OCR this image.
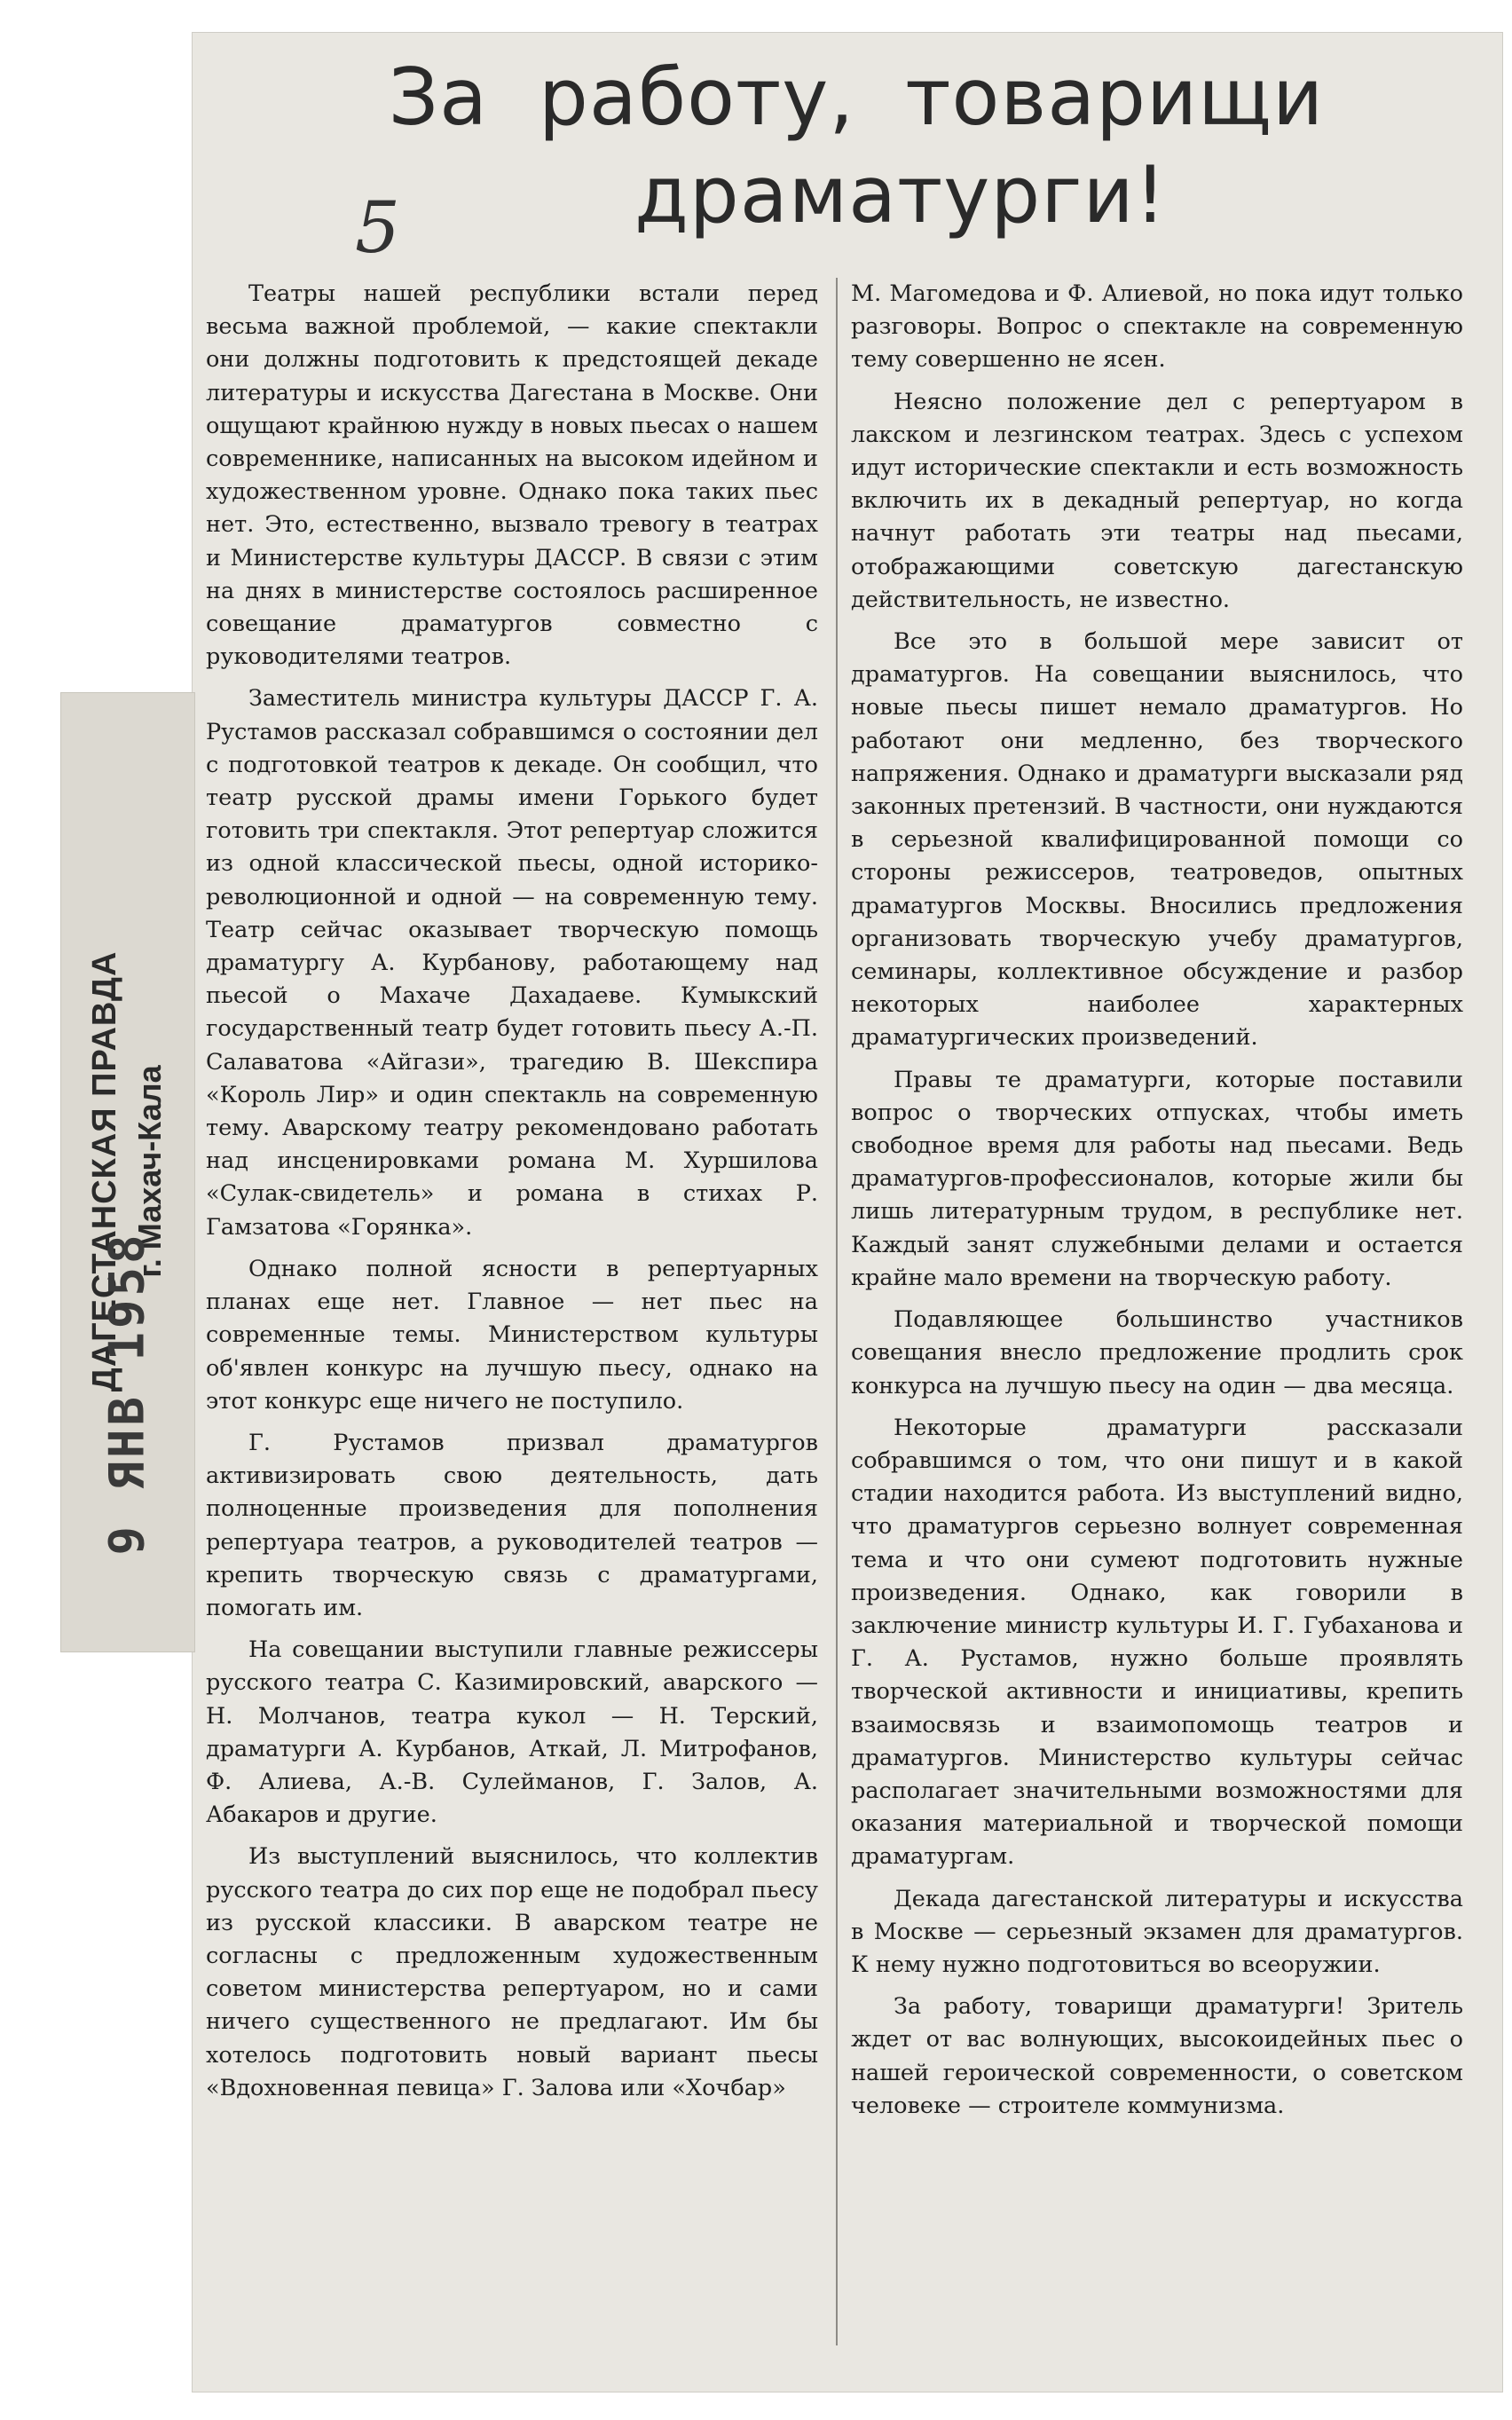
ДАГЕСТАНСКАЯ ПРАВДА г. Махач-Кала
9 ЯНВ 1958
За работу, товарищи
драматурги!
5

Театры нашей республики встали перед весьма важной проблемой, — какие спектакли они должны подготовить к предстоящей декаде литературы и искусства Дагестана в Москве. Они ощущают крайнюю нужду в новых пьесах о нашем современнике, написанных на высоком идейном и художественном уровне. Однако пока таких пьес нет. Это, естественно, вызвало тревогу в театрах и Министерстве культуры ДАССР. В связи с этим на днях в министерстве состоялось расширенное совещание драматургов совместно с руководителями театров.

Заместитель министра культуры ДАССР Г. А. Рустамов рассказал собравшимся о состоянии дел с подготовкой театров к декаде. Он сообщил, что театр русской драмы имени Горького будет готовить три спектакля. Этот репертуар сложится из одной классической пьесы, одной историко-революционной и одной — на современную тему. Театр сейчас оказывает творческую помощь драматургу А. Курбанову, работающему над пьесой о Махаче Дахадаеве. Кумыкский государственный театр будет готовить пьесу А.-П. Салаватова «Айгази», трагедию В. Шекспира «Король Лир» и один спектакль на современную тему. Аварскому театру рекомендовано работать над инсценировками романа М. Хуршилова «Сулак-свидетель» и романа в стихах Р. Гамзатова «Горянка».

Однако полной ясности в репертуарных планах еще нет. Главное — нет пьес на современные темы. Министерством культуры об'явлен конкурс на лучшую пьесу, однако на этот конкурс еще ничего не поступило.

Г. Рустамов призвал драматургов активизировать свою деятельность, дать полноценные произведения для пополнения репертуара театров, а руководителей театров — крепить творческую связь с драматургами, помогать им.

На совещании выступили главные режиссеры русского театра С. Казимировский, аварского — Н. Молчанов, театра кукол — Н. Терский, драматурги А. Курбанов, Аткай, Л. Митрофанов, Ф. Алиева, А.-В. Сулейманов, Г. Залов, А. Абакаров и другие.

Из выступлений выяснилось, что коллектив русского театра до сих пор еще не подобрал пьесу из русской классики. В аварском театре не согласны с предложенным художественным советом министерства репертуаром, но и сами ничего существенного не предлагают. Им бы хотелось подготовить новый вариант пьесы «Вдохновенная певица» Г. Залова или «Хочбар»

М. Магомедова и Ф. Алиевой, но пока идут только разговоры. Вопрос о спектакле на современную тему совершенно не ясен.

Неясно положение дел с репертуаром в лакском и лезгинском театрах. Здесь с успехом идут исторические спектакли и есть возможность включить их в декадный репертуар, но когда начнут работать эти театры над пьесами, отображающими советскую дагестанскую действительность, не известно.

Все это в большой мере зависит от драматургов. На совещании выяснилось, что новые пьесы пишет немало драматургов. Но работают они медленно, без творческого напряжения. Однако и драматурги высказали ряд законных претензий. В частности, они нуждаются в серьезной квалифицированной помощи со стороны режиссеров, театроведов, опытных драматургов Москвы. Вносились предложения организовать творческую учебу драматургов, семинары, коллективное обсуждение и разбор некоторых наиболее характерных драматургических произведений.

Правы те драматурги, которые поставили вопрос о творческих отпусках, чтобы иметь свободное время для работы над пьесами. Ведь драматургов-профессионалов, которые жили бы лишь литературным трудом, в республике нет. Каждый занят служебными делами и остается крайне мало времени на творческую работу.

Подавляющее большинство участников совещания внесло предложение продлить срок конкурса на лучшую пьесу на один — два месяца.

Некоторые драматурги рассказали собравшимся о том, что они пишут и в какой стадии находится работа. Из выступлений видно, что драматургов серьезно волнует современная тема и что они сумеют подготовить нужные произведения. Однако, как говорили в заключение министр культуры И. Г. Губаханова и Г. А. Рустамов, нужно больше проявлять творческой активности и инициативы, крепить взаимосвязь и взаимопомощь театров и драматургов. Министерство культуры сейчас располагает значительными возможностями для оказания материальной и творческой помощи драматургам.

Декада дагестанской литературы и искусства в Москве — серьезный экзамен для драматургов. К нему нужно подготовиться во всеоружии.

За работу, товарищи драматурги! Зритель ждет от вас волнующих, высокоидейных пьес о нашей героической современности, о советском человеке — строителе коммунизма.
